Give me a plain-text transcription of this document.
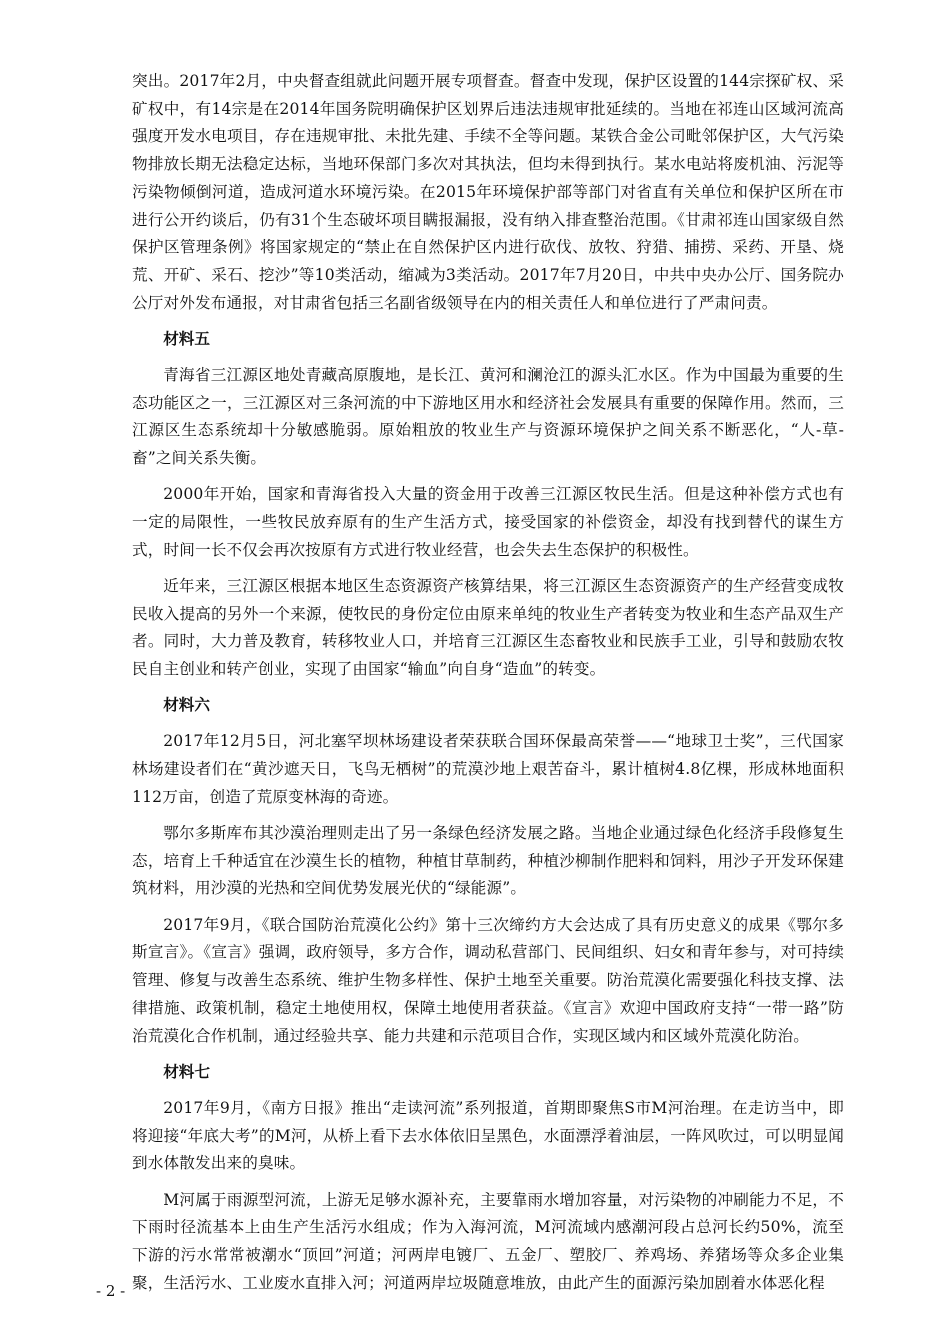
突出。2017年2月，中央督查组就此问题开展专项督查。督查中发现，保护区设置的144宗探矿权、采矿权中，有14宗是在2014年国务院明确保护区划界后违法违规审批延续的。当地在祁连山区域河流高强度开发水电项目，存在违规审批、未批先建、手续不全等问题。某铁合金公司毗邻保护区，大气污染物排放长期无法稳定达标，当地环保部门多次对其执法，但均未得到执行。某水电站将废机油、污泥等污染物倾倒河道，造成河道水环境污染。在2015年环境保护部等部门对省直有关单位和保护区所在市进行公开约谈后，仍有31个生态破坏项目瞒报漏报，没有纳入排查整治范围。《甘肃祁连山国家级自然保护区管理条例》将国家规定的“禁止在自然保护区内进行砍伐、放牧、狩猎、捕捞、采药、开垦、烧荒、开矿、采石、挖沙”等10类活动，缩减为3类活动。2017年7月20日，中共中央办公厅、国务院办公厅对外发布通报，对甘肃省包括三名副省级领导在内的相关责任人和单位进行了严肃问责。

材料五

青海省三江源区地处青藏高原腹地，是长江、黄河和澜沧江的源头汇水区。作为中国最为重要的生态功能区之一，三江源区对三条河流的中下游地区用水和经济社会发展具有重要的保障作用。然而，三江源区生态系统却十分敏感脆弱。原始粗放的牧业生产与资源环境保护之间关系不断恶化，“人-草-畜”之间关系失衡。

2000年开始，国家和青海省投入大量的资金用于改善三江源区牧民生活。但是这种补偿方式也有一定的局限性，一些牧民放弃原有的生产生活方式，接受国家的补偿资金，却没有找到替代的谋生方式，时间一长不仅会再次按原有方式进行牧业经营，也会失去生态保护的积极性。

近年来，三江源区根据本地区生态资源资产核算结果，将三江源区生态资源资产的生产经营变成牧民收入提高的另外一个来源，使牧民的身份定位由原来单纯的牧业生产者转变为牧业和生态产品双生产者。同时，大力普及教育，转移牧业人口，并培育三江源区生态畜牧业和民族手工业，引导和鼓励农牧民自主创业和转产创业，实现了由国家“输血”向自身“造血”的转变。

材料六

2017年12月5日，河北塞罕坝林场建设者荣获联合国环保最高荣誉——“地球卫士奖”，三代国家林场建设者们在“黄沙遮天日，飞鸟无栖树”的荒漠沙地上艰苦奋斗，累计植树4.8亿棵，形成林地面积112万亩，创造了荒原变林海的奇迹。

鄂尔多斯库布其沙漠治理则走出了另一条绿色经济发展之路。当地企业通过绿色化经济手段修复生态，培育上千种适宜在沙漠生长的植物，种植甘草制药，种植沙柳制作肥料和饲料，用沙子开发环保建筑材料，用沙漠的光热和空间优势发展光伏的“绿能源”。

2017年9月，《联合国防治荒漠化公约》第十三次缔约方大会达成了具有历史意义的成果《鄂尔多斯宣言》。《宣言》强调，政府领导，多方合作，调动私营部门、民间组织、妇女和青年参与，对可持续管理、修复与改善生态系统、维护生物多样性、保护土地至关重要。防治荒漠化需要强化科技支撑、法律措施、政策机制，稳定土地使用权，保障土地使用者获益。《宣言》欢迎中国政府支持“一带一路”防治荒漠化合作机制，通过经验共享、能力共建和示范项目合作，实现区域内和区域外荒漠化防治。

材料七

2017年9月，《南方日报》推出“走读河流”系列报道，首期即聚焦S市M河治理。在走访当中，即将迎接“年底大考”的M河，从桥上看下去水体依旧呈黑色，水面漂浮着油层，一阵风吹过，可以明显闻到水体散发出来的臭味。

M河属于雨源型河流，上游无足够水源补充，主要靠雨水增加容量，对污染物的冲刷能力不足，不下雨时径流基本上由生产生活污水组成；作为入海河流，M河流域内感潮河段占总河长约50%，流至下游的污水常常被潮水“顶回”河道；河两岸电镀厂、五金厂、塑胶厂、养鸡场、养猪场等众多企业集聚，生活污水、工业废水直排入河；河道两岸垃圾随意堆放，由此产生的面源污染加剧着水体恶化程

- 2 -
